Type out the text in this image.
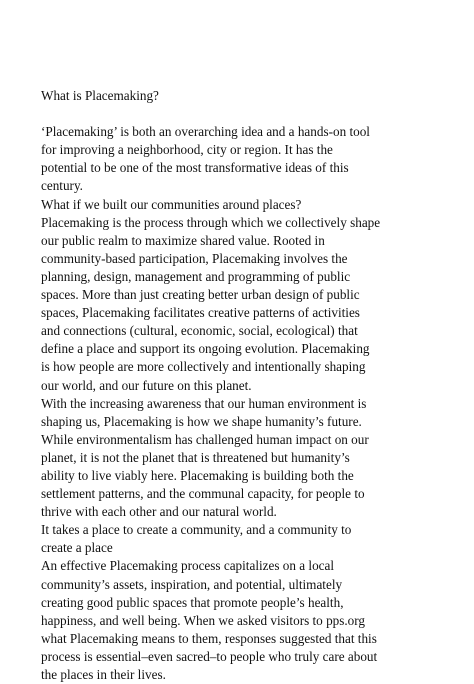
What is Placemaking?

‘Placemaking’ is both an overarching idea and a hands-on tool
for improving a neighborhood, city or region. It has the
potential to be one of the most transformative ideas of this
century.

What if we built our communities around places?

Placemaking is the process through which we collectively shape
our public realm to maximize shared value. Rooted in
community-based participation, Placemaking involves the
planning, design, management and programming of public
spaces. More than just creating better urban design of public
spaces, Placemaking facilitates creative patterns of activities
and connections (cultural, economic, social, ecological) that
define a place and support its ongoing evolution. Placemaking
is how people are more collectively and intentionally shaping
our world, and our future on this planet.

With the increasing awareness that our human environment is
shaping us, Placemaking is how we shape humanity’s future.
While environmentalism has challenged human impact on our
planet, it is not the planet that is threatened but humanity’s
ability to live viably here. Placemaking is building both the
settlement patterns, and the communal capacity, for people to
thrive with each other and our natural world.

It takes a place to create a community, and a community to
create a place

An effective Placemaking process capitalizes on a local
community’s assets, inspiration, and potential, ultimately
creating good public spaces that promote people’s health,
happiness, and well being. When we asked visitors to pps.org
what Placemaking means to them, responses suggested that this
process is essential–even sacred–to people who truly care about
the places in their lives.
